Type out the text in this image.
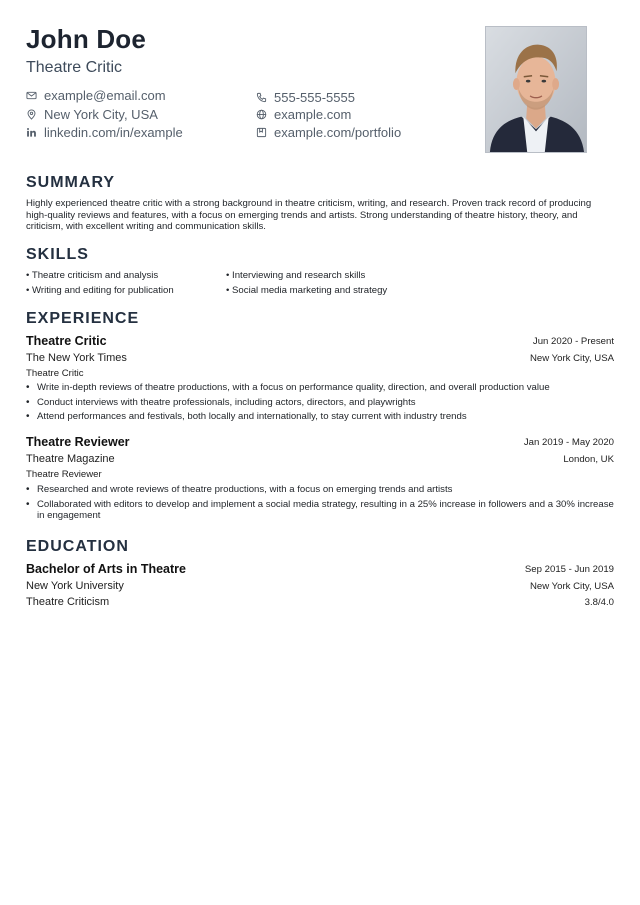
John Doe
Theatre Critic
example@email.com	555-555-5555
New York City, USA	example.com
linkedin.com/in/example	example.com/portfolio
SUMMARY
Highly experienced theatre critic with a strong background in theatre criticism, writing, and research. Proven track record of producing high-quality reviews and features, with a focus on emerging trends and artists. Strong understanding of theatre history, theory, and criticism, with excellent writing and communication skills.
SKILLS
• Theatre criticism and analysis	• Interviewing and research skills
• Writing and editing for publication	• Social media marketing and strategy
EXPERIENCE
Theatre Critic	Jun 2020 - Present
The New York Times	New York City, USA
Theatre Critic
• Write in-depth reviews of theatre productions, with a focus on performance quality, direction, and overall production value
• Conduct interviews with theatre professionals, including actors, directors, and playwrights
• Attend performances and festivals, both locally and internationally, to stay current with industry trends
Theatre Reviewer	Jan 2019 - May 2020
Theatre Magazine	London, UK
Theatre Reviewer
• Researched and wrote reviews of theatre productions, with a focus on emerging trends and artists
• Collaborated with editors to develop and implement a social media strategy, resulting in a 25% increase in followers and a 30% increase in engagement
EDUCATION
Bachelor of Arts in Theatre	Sep 2015 - Jun 2019
New York University	New York City, USA
Theatre Criticism	3.8/4.0
